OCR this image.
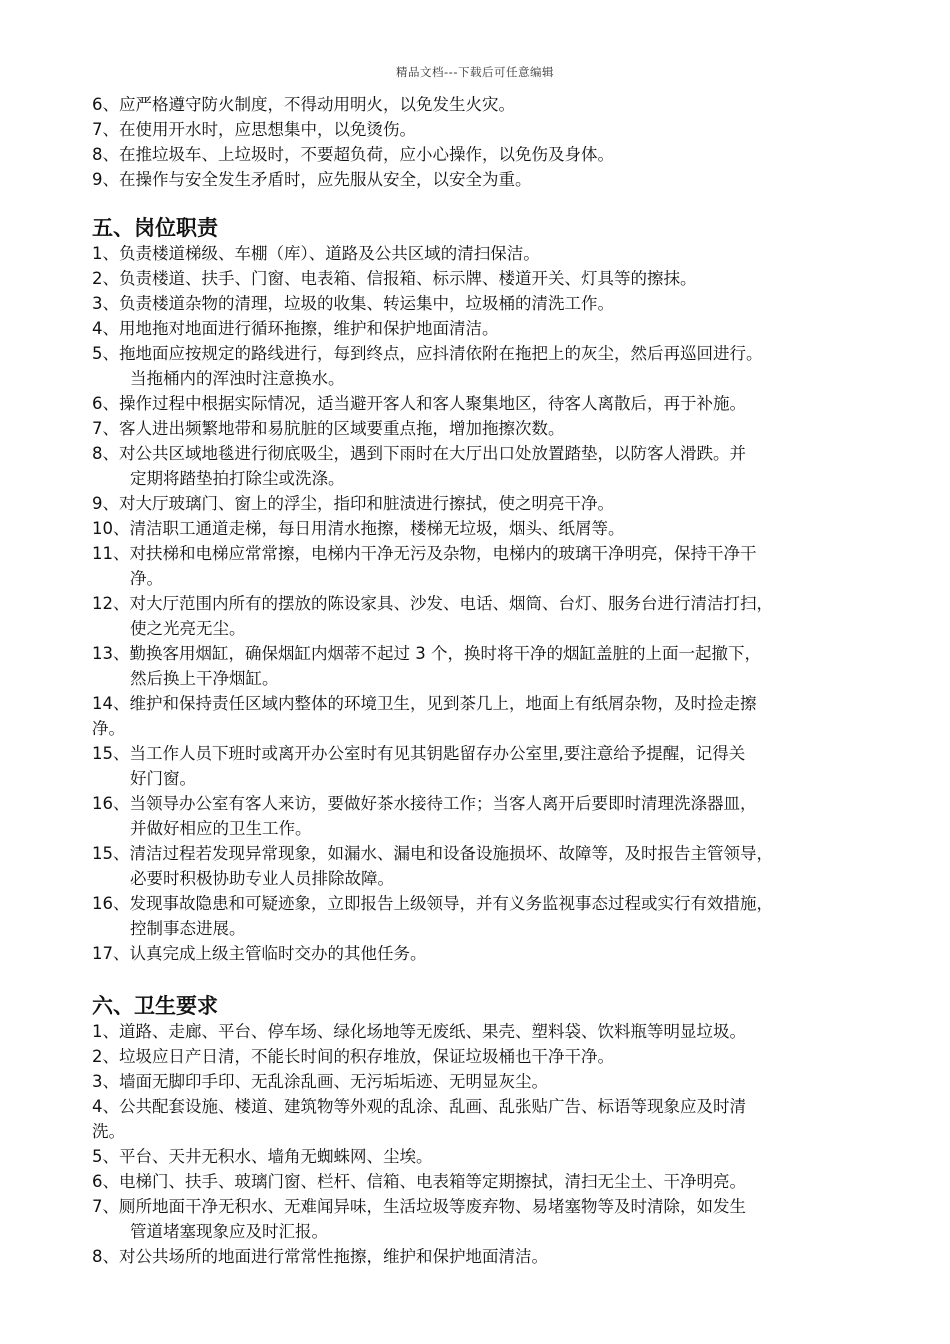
精品文档---下载后可任意编辑
6、应严格遵守防火制度，不得动用明火，以免发生火灾。
7、在使用开水时，应思想集中，以免烫伤。
8、在推垃圾车、上垃圾时，不要超负荷，应小心操作，以免伤及身体。
9、在操作与安全发生矛盾时，应先服从安全，以安全为重。
五、岗位职责
1、负责楼道梯级、车棚（库）、道路及公共区域的清扫保洁。
2、负责楼道、扶手、门窗、电表箱、信报箱、标示牌、楼道开关、灯具等的擦抹。
3、负责楼道杂物的清理，垃圾的收集、转运集中，垃圾桶的清洗工作。
4、用地拖对地面进行循环拖擦，维护和保护地面清洁。
5、拖地面应按规定的路线进行，每到终点，应抖清依附在拖把上的灰尘，然后再巡回进行。
当拖桶内的浑浊时注意换水。
6、操作过程中根据实际情况，适当避开客人和客人聚集地区，待客人离散后，再于补施。
7、客人进出频繁地带和易肮脏的区域要重点拖，增加拖擦次数。
8、对公共区域地毯进行彻底吸尘，遇到下雨时在大厅出口处放置踏垫，以防客人滑跌。并
定期将踏垫拍打除尘或洗涤。
9、对大厅玻璃门、窗上的浮尘，指印和脏渍进行擦拭，使之明亮干净。
10、清洁职工通道走梯，每日用清水拖擦，楼梯无垃圾，烟头、纸屑等。
11、对扶梯和电梯应常常擦，电梯内干净无污及杂物，电梯内的玻璃干净明亮，保持干净干
净。
12、对大厅范围内所有的摆放的陈设家具、沙发、电话、烟筒、台灯、服务台进行清洁打扫，
使之光亮无尘。
13、勤换客用烟缸，确保烟缸内烟蒂不起过 3 个，换时将干净的烟缸盖脏的上面一起撤下，
然后换上干净烟缸。
14、维护和保持责任区域内整体的环境卫生，见到茶几上，地面上有纸屑杂物，及时捡走擦
净。
15、当工作人员下班时或离开办公室时有见其钥匙留存办公室里,要注意给予提醒，记得关
好门窗。
16、当领导办公室有客人来访，要做好茶水接待工作；当客人离开后要即时清理洗涤器皿，
并做好相应的卫生工作。
15、清洁过程若发现异常现象，如漏水、漏电和设备设施损坏、故障等，及时报告主管领导，
必要时积极协助专业人员排除故障。
16、发现事故隐患和可疑迹象，立即报告上级领导，并有义务监视事态过程或实行有效措施，
控制事态进展。
17、认真完成上级主管临时交办的其他任务。
六、卫生要求
1、道路、走廊、平台、停车场、绿化场地等无废纸、果壳、塑料袋、饮料瓶等明显垃圾。
2、垃圾应日产日清，不能长时间的积存堆放，保证垃圾桶也干净干净。
3、墙面无脚印手印、无乱涂乱画、无污垢垢迹、无明显灰尘。
4、公共配套设施、楼道、建筑物等外观的乱涂、乱画、乱张贴广告、标语等现象应及时清
洗。
5、平台、天井无积水、墙角无蜘蛛网、尘埃。
6、电梯门、扶手、玻璃门窗、栏杆、信箱、电表箱等定期擦拭，清扫无尘土、干净明亮。
7、厕所地面干净无积水、无难闻异味，生活垃圾等废弃物、易堵塞物等及时清除，如发生
管道堵塞现象应及时汇报。
8、对公共场所的地面进行常常性拖擦，维护和保护地面清洁。
